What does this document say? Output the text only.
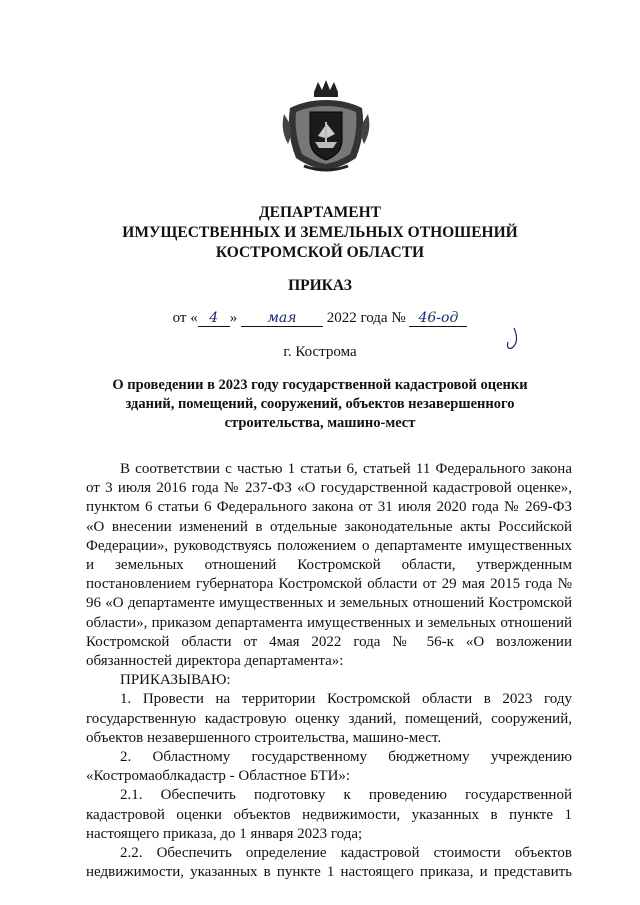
ДЕПАРТАМЕНТ
ИМУЩЕСТВЕННЫХ И ЗЕМЕЛЬНЫХ ОТНОШЕНИЙ
КОСТРОМСКОЙ ОБЛАСТИ
ПРИКАЗ
от « 4 » мая 2022 года № 46-од
г. Кострома
О проведении в 2023 году государственной кадастровой оценки
зданий, помещений, сооружений, объектов незавершенного
строительства, машино-мест

В соответствии с частью 1 статьи 6, статьей 11 Федерального закона от 3 июля 2016 года № 237-ФЗ «О государственной кадастровой оценке», пунктом 6 статьи 6 Федерального закона от 31 июля 2020 года № 269-ФЗ «О внесении изменений в отдельные законодательные акты Российской Федерации», руководствуясь положением о департаменте имущественных и земельных отношений Костромской области, утвержденным постановлением губернатора Костромской области от 29 мая 2015 года № 96 «О департаменте имущественных и земельных отношений Костромской области», приказом департамента имущественных и земельных отношений Костромской области от 4мая 2022 года № 56-к «О возложении обязанностей директора департамента»:

ПРИКАЗЫВАЮ:

1. Провести на территории Костромской области в 2023 году государственную кадастровую оценку зданий, помещений, сооружений, объектов незавершенного строительства, машино-мест.

2. Областному государственному бюджетному учреждению «Костромаоблкадастр - Областное БТИ»:

2.1. Обеспечить подготовку к проведению государственной кадастровой оценки объектов недвижимости, указанных в пункте 1 настоящего приказа, до 1 января 2023 года;

2.2. Обеспечить определение кадастровой стоимости объектов недвижимости, указанных в пункте 1 настоящего приказа, и представить
